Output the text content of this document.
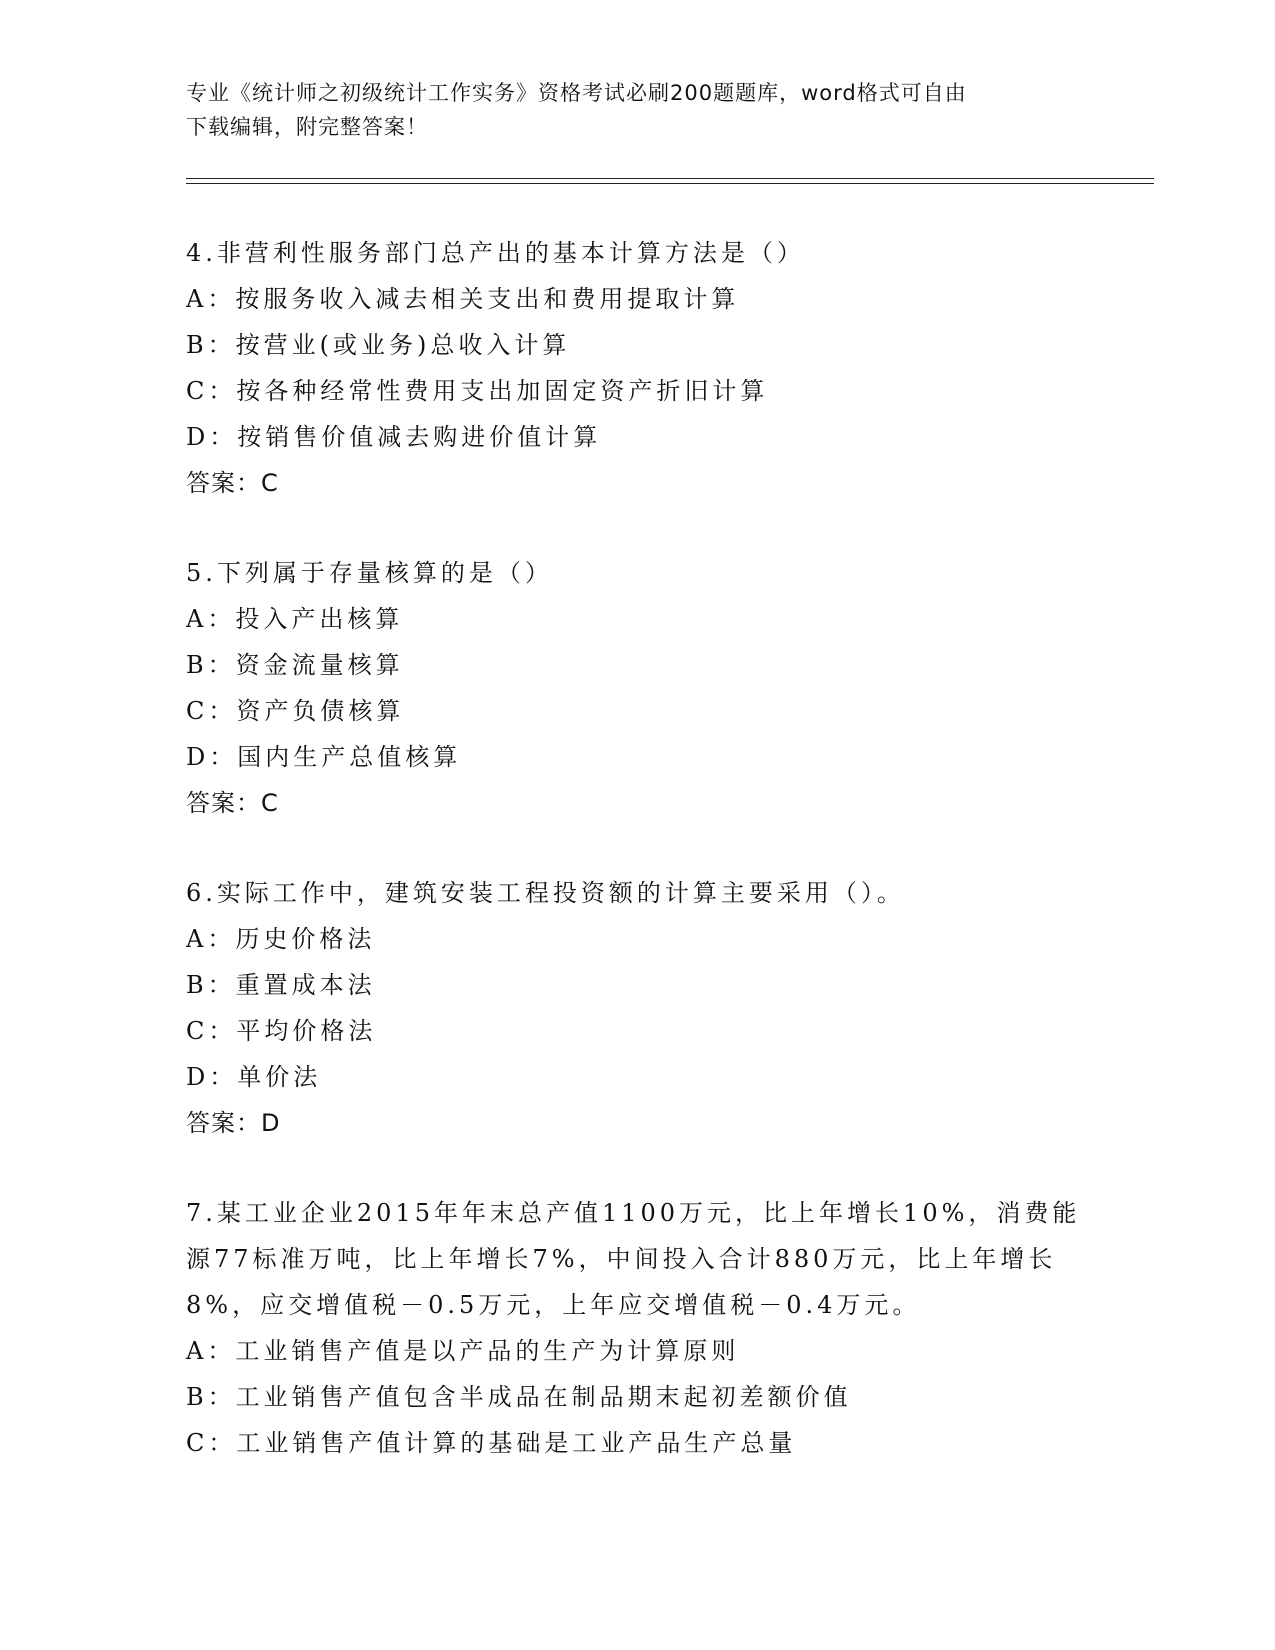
专业《统计师之初级统计工作实务》资格考试必刷200题题库，word格式可自由
下载编辑，附完整答案！
4.非营利性服务部门总产出的基本计算方法是（）
A：按服务收入减去相关支出和费用提取计算
B：按营业(或业务)总收入计算
C：按各种经常性费用支出加固定资产折旧计算
D：按销售价值减去购进价值计算
答案：C
5.下列属于存量核算的是（）
A：投入产出核算
B：资金流量核算
C：资产负债核算
D：国内生产总值核算
答案：C
6.实际工作中，建筑安装工程投资额的计算主要采用（）。
A：历史价格法
B：重置成本法
C：平均价格法
D：单价法
答案：D
7.某工业企业2015年年末总产值1100万元，比上年增长10%，消费能
源77标准万吨，比上年增长7%，中间投入合计880万元，比上年增长
8%，应交增值税－0.5万元，上年应交增值税－0.4万元。
A：工业销售产值是以产品的生产为计算原则
B：工业销售产值包含半成品在制品期末起初差额价值
C：工业销售产值计算的基础是工业产品生产总量
